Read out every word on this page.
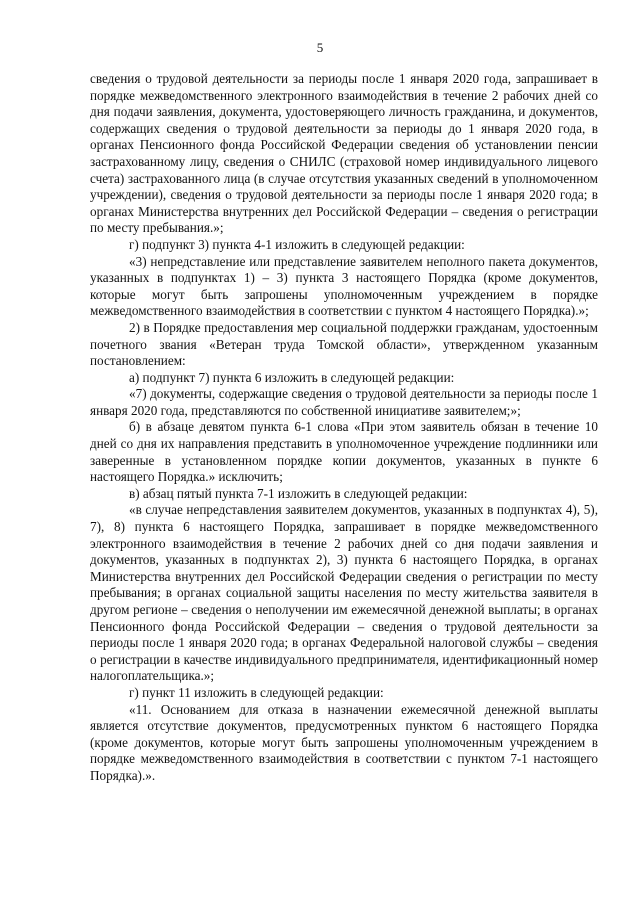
5

сведения о трудовой деятельности за периоды после 1 января 2020 года, запрашивает в порядке межведомственного электронного взаимодействия в течение 2 рабочих дней со дня подачи заявления, документа, удостоверяющего личность гражданина, и документов, содержащих сведения о трудовой деятельности за периоды до 1 января 2020 года, в органах Пенсионного фонда Российской Федерации сведения об установлении пенсии застрахованному лицу, сведения о СНИЛС (страховой номер индивидуального лицевого счета) застрахованного лица (в случае отсутствия указанных сведений в уполномоченном учреждении), сведения о трудовой деятельности за периоды после 1 января 2020 года; в органах Министерства внутренних дел Российской Федерации – сведения о регистрации по месту пребывания.»;

г) подпункт 3) пункта 4-1 изложить в следующей редакции:

«3) непредставление или представление заявителем неполного пакета документов, указанных в подпунктах 1) – 3) пункта 3 настоящего Порядка (кроме документов, которые могут быть запрошены уполномоченным учреждением в порядке межведомственного взаимодействия в соответствии с пунктом 4 настоящего Порядка).»;

2) в Порядке предоставления мер социальной поддержки гражданам, удостоенным почетного звания «Ветеран труда Томской области», утвержденном указанным постановлением:

а) подпункт 7) пункта 6 изложить в следующей редакции:

«7) документы, содержащие сведения о трудовой деятельности за периоды после 1 января 2020 года, представляются по собственной инициативе заявителем;»;

б) в абзаце девятом пункта 6-1 слова «При этом заявитель обязан в течение 10 дней со дня их направления представить в уполномоченное учреждение подлинники или заверенные в установленном порядке копии документов, указанных в пункте 6 настоящего Порядка.» исключить;

в) абзац пятый пункта 7-1 изложить в следующей редакции:

«в случае непредставления заявителем документов, указанных в подпунктах 4), 5), 7), 8) пункта 6 настоящего Порядка, запрашивает в порядке межведомственного электронного взаимодействия в течение 2 рабочих дней со дня подачи заявления и документов, указанных в подпунктах 2), 3) пункта 6 настоящего Порядка, в органах Министерства внутренних дел Российской Федерации сведения о регистрации по месту пребывания; в органах социальной защиты населения по месту жительства заявителя в другом регионе – сведения о неполучении им ежемесячной денежной выплаты; в органах Пенсионного фонда Российской Федерации – сведения о трудовой деятельности за периоды после 1 января 2020 года; в органах Федеральной налоговой службы – сведения о регистрации в качестве индивидуального предпринимателя, идентификационный номер налогоплательщика.»;

г) пункт 11 изложить в следующей редакции:

«11. Основанием для отказа в назначении ежемесячной денежной выплаты является отсутствие документов, предусмотренных пунктом 6 настоящего Порядка (кроме документов, которые могут быть запрошены уполномоченным учреждением в порядке межведомственного взаимодействия в соответствии с пунктом 7-1 настоящего Порядка).».
